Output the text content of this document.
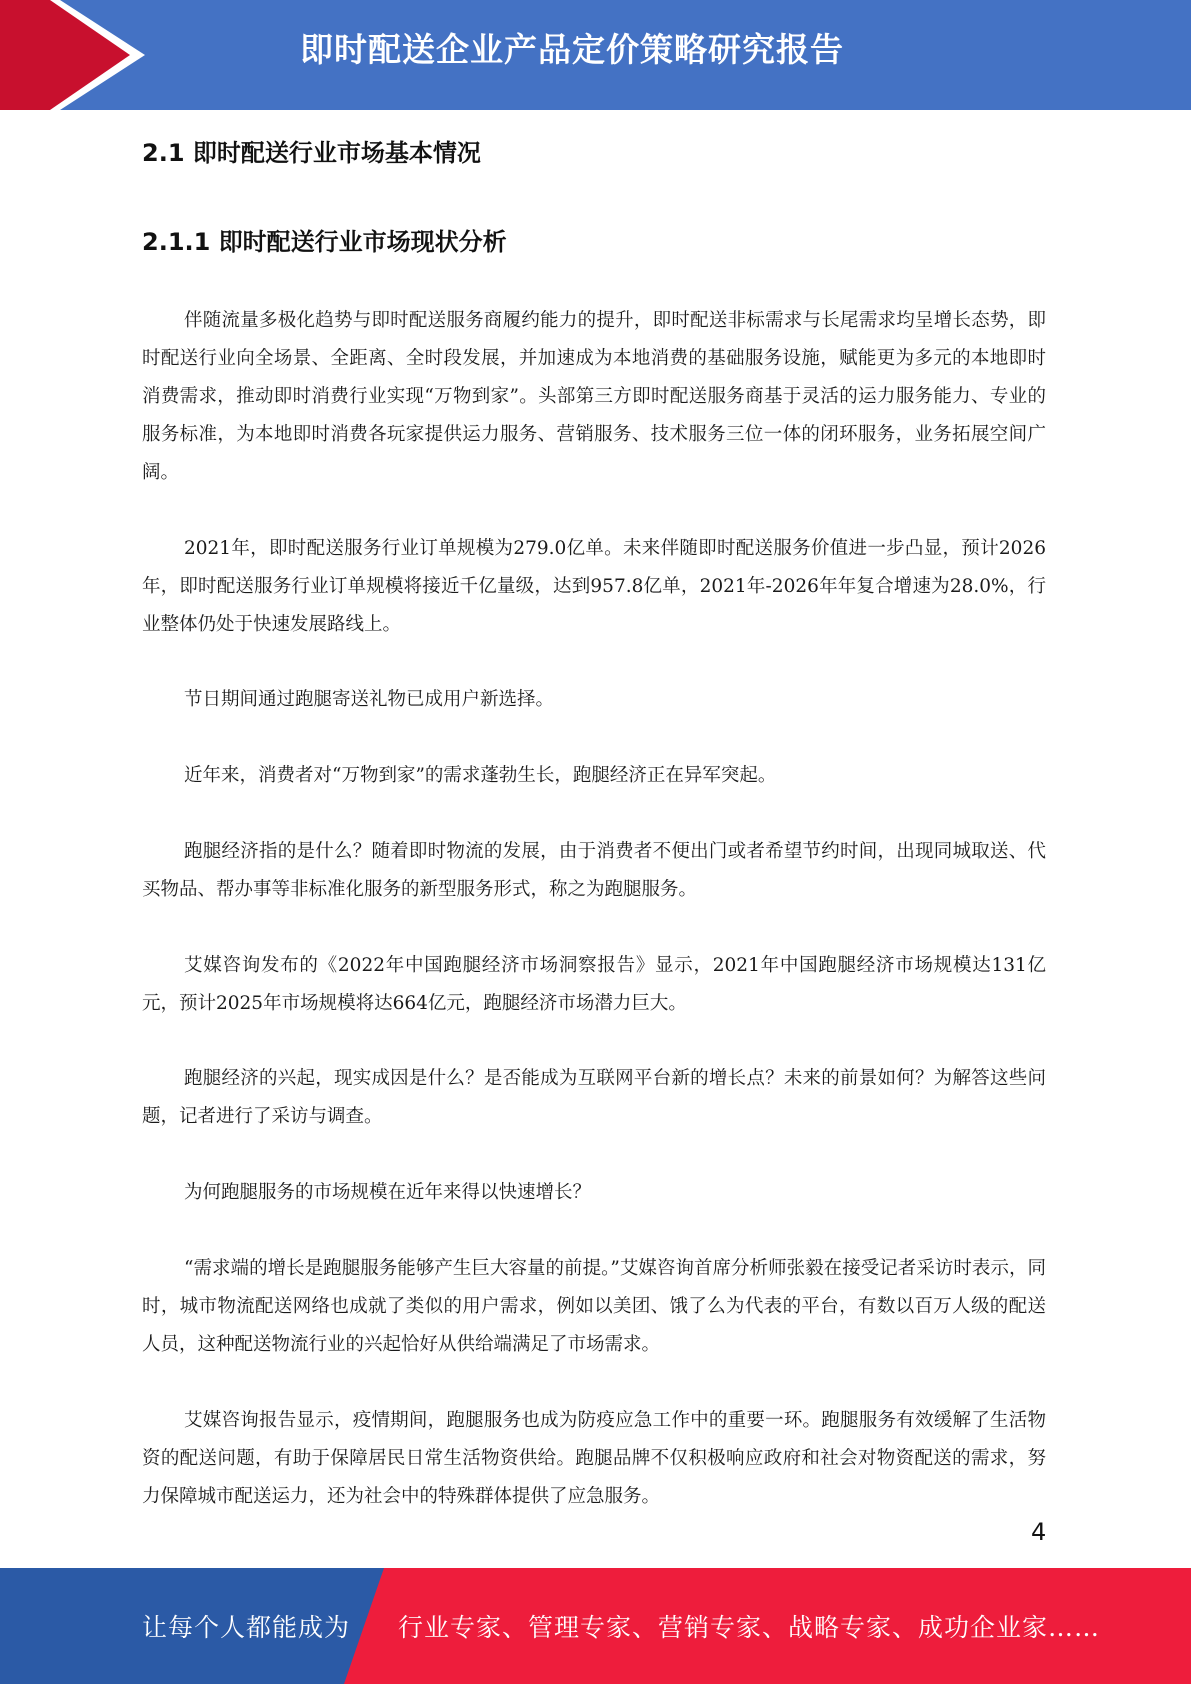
即时配送企业产品定价策略研究报告
2.1 即时配送行业市场基本情况
2.1.1 即时配送行业市场现状分析

伴随流量多极化趋势与即时配送服务商履约能力的提升，即时配送非标需求与长尾需求均呈增长态势，即时配送行业向全场景、全距离、全时段发展，并加速成为本地消费的基础服务设施，赋能更为多元的本地即时消费需求，推动即时消费行业实现“万物到家”。头部第三方即时配送服务商基于灵活的运力服务能力、专业的服务标准，为本地即时消费各玩家提供运力服务、营销服务、技术服务三位一体的闭环服务，业务拓展空间广阔。

2021年，即时配送服务行业订单规模为279.0亿单。未来伴随即时配送服务价值进一步凸显，预计2026年，即时配送服务行业订单规模将接近千亿量级，达到957.8亿单，2021年-2026年年复合增速为28.0%，行业整体仍处于快速发展路线上。

节日期间通过跑腿寄送礼物已成用户新选择。

近年来，消费者对“万物到家”的需求蓬勃生长，跑腿经济正在异军突起。

跑腿经济指的是什么？随着即时物流的发展，由于消费者不便出门或者希望节约时间，出现同城取送、代买物品、帮办事等非标准化服务的新型服务形式，称之为跑腿服务。

艾媒咨询发布的《2022年中国跑腿经济市场洞察报告》显示，2021年中国跑腿经济市场规模达131亿元，预计2025年市场规模将达664亿元，跑腿经济市场潜力巨大。

跑腿经济的兴起，现实成因是什么？是否能成为互联网平台新的增长点？未来的前景如何？为解答这些问题，记者进行了采访与调查。

为何跑腿服务的市场规模在近年来得以快速增长？

“需求端的增长是跑腿服务能够产生巨大容量的前提。”艾媒咨询首席分析师张毅在接受记者采访时表示，同时，城市物流配送网络也成就了类似的用户需求，例如以美团、饿了么为代表的平台，有数以百万人级的配送人员，这种配送物流行业的兴起恰好从供给端满足了市场需求。

艾媒咨询报告显示，疫情期间，跑腿服务也成为防疫应急工作中的重要一环。跑腿服务有效缓解了生活物资的配送问题，有助于保障居民日常生活物资供给。跑腿品牌不仅积极响应政府和社会对物资配送的需求，努力保障城市配送运力，还为社会中的特殊群体提供了应急服务。

4
让每个人都能成为 行业专家、管理专家、营销专家、战略专家、成功企业家……
